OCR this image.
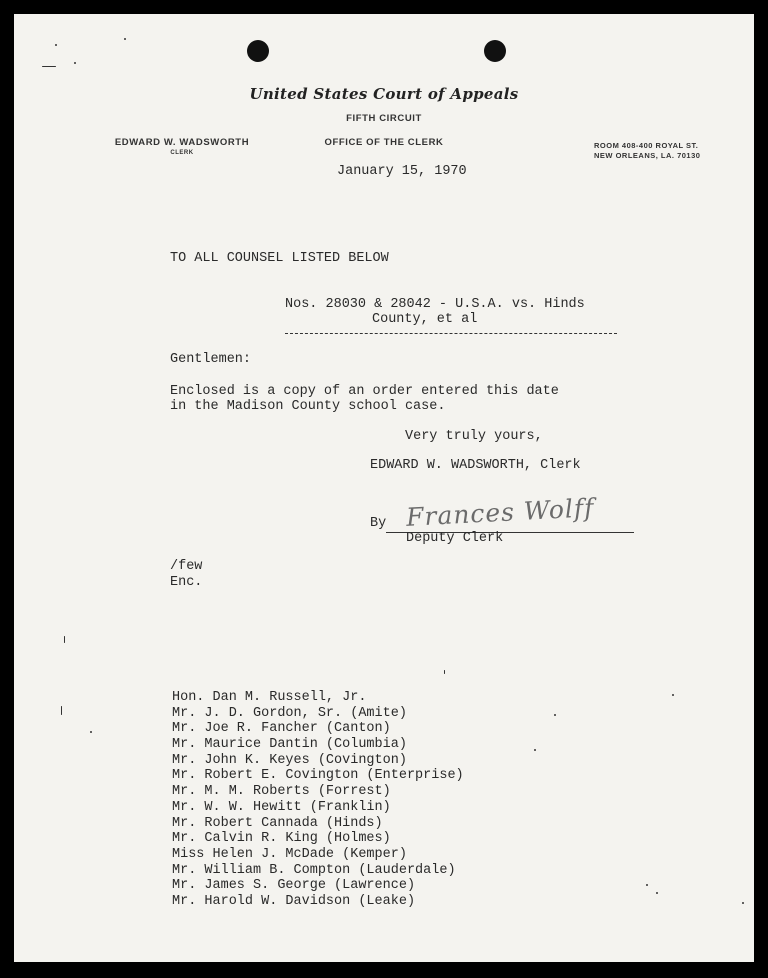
United States Court of Appeals
FIFTH CIRCUIT
OFFICE OF THE CLERK
EDWARD W. WADSWORTH
CLERK
ROOM 408-400 ROYAL ST.
NEW ORLEANS, LA. 70130
January 15, 1970
TO ALL COUNSEL LISTED BELOW
Nos. 28030 & 28042 - U.S.A. vs. Hinds
County, et al
Gentlemen:
Enclosed is a copy of an order entered this date
in the Madison County school case.
Very truly yours,
EDWARD W. WADSWORTH, Clerk
By Frances Wolff
Deputy Clerk
/few
Enc.
Hon. Dan M. Russell, Jr.
Mr. J. D. Gordon, Sr. (Amite)
Mr. Joe R. Fancher (Canton)
Mr. Maurice Dantin (Columbia)
Mr. John K. Keyes (Covington)
Mr. Robert E. Covington (Enterprise)
Mr. M. M. Roberts (Forrest)
Mr. W. W. Hewitt (Franklin)
Mr. Robert Cannada (Hinds)
Mr. Calvin R. King (Holmes)
Miss Helen J. McDade (Kemper)
Mr. William B. Compton (Lauderdale)
Mr. James S. George (Lawrence)
Mr. Harold W. Davidson (Leake)
